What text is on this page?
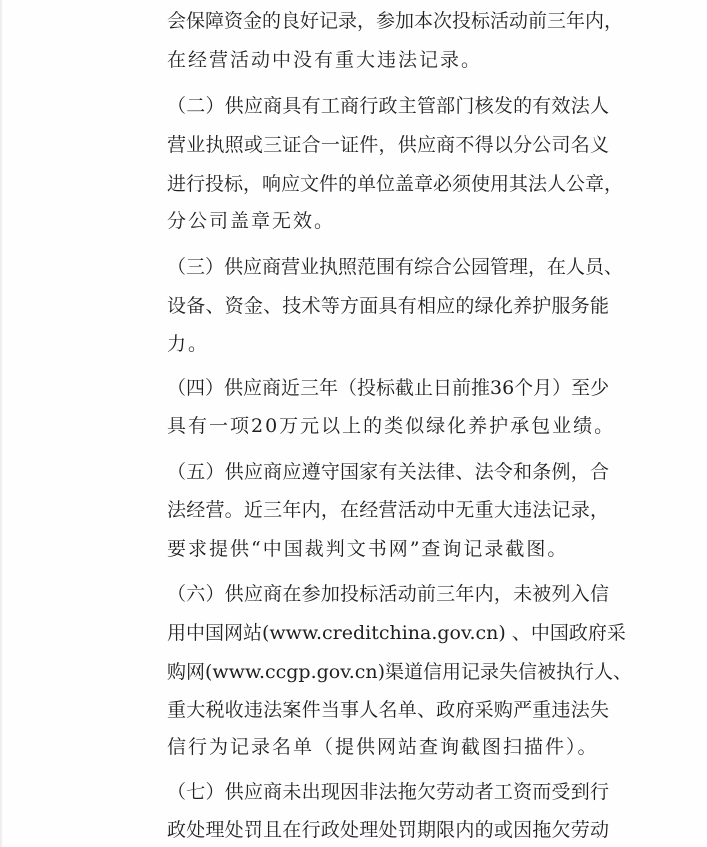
会保障资金的良好记录，参加本次投标活动前三年内，

在经营活动中没有重大违法记录。

（二）供应商具有工商行政主管部门核发的有效法人

营业执照或三证合一证件，供应商不得以分公司名义

进行投标，响应文件的单位盖章必须使用其法人公章，

分公司盖章无效。

（三）供应商营业执照范围有综合公园管理，在人员、

设备、资金、技术等方面具有相应的绿化养护服务能

力。

（四）供应商近三年（投标截止日前推36个月）至少

具有一项20万元以上的类似绿化养护承包业绩。

（五）供应商应遵守国家有关法律、法令和条例，合

法经营。近三年内，在经营活动中无重大违法记录，

要求提供“中国裁判文书网”查询记录截图。

（六）供应商在参加投标活动前三年内，未被列入信

用中国网站(www.creditchina.gov.cn) 、中国政府采

购网(www.ccgp.gov.cn)渠道信用记录失信被执行人、

重大税收违法案件当事人名单、政府采购严重违法失

信行为记录名单（提供网站查询截图扫描件）。

（七）供应商未出现因非法拖欠劳动者工资而受到行

政处理处罚且在行政处理处罚期限内的或因拖欠劳动
